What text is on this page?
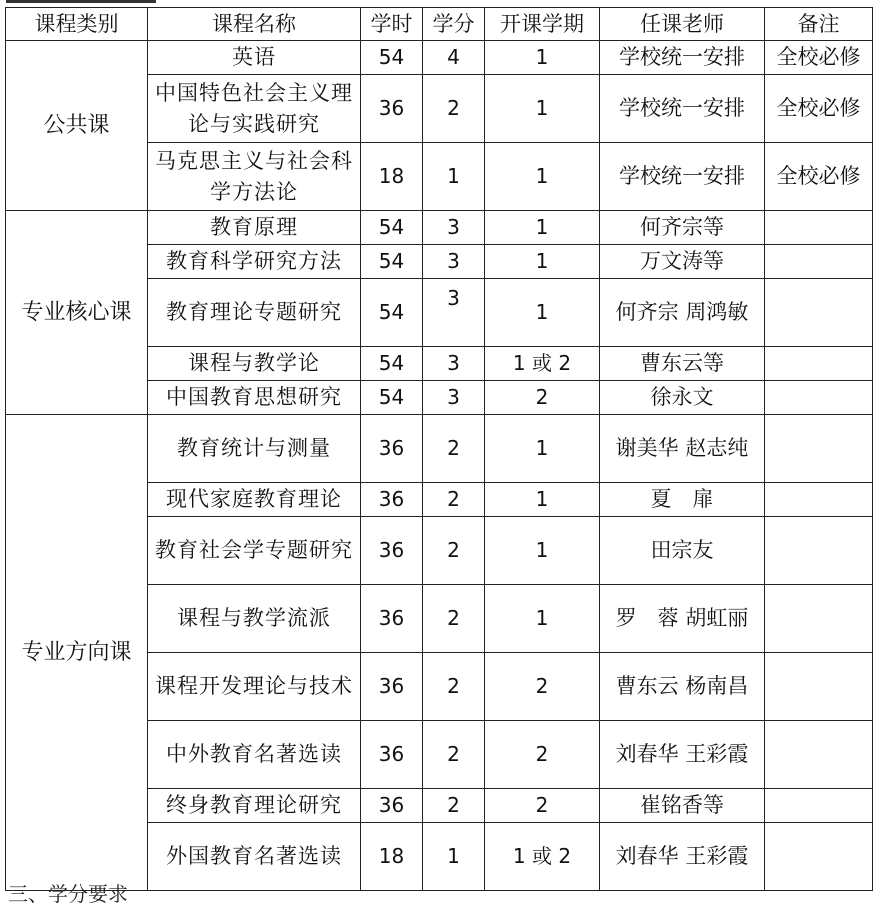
课程类别	课程名称	学时	学分	开课学期	任课老师	备注
公共课	英语	54	4	1	学校统一安排	全校必修
	中国特色社会主义理论与实践研究	36	2	1	学校统一安排	全校必修
	马克思主义与社会科学方法论	18	1	1	学校统一安排	全校必修
专业核心课	教育原理	54	3	1	何齐宗等	
	教育科学研究方法	54	3	1	万文涛等	
	教育理论专题研究	54	3	1	何齐宗 周鸿敏	
	课程与教学论	54	3	1 或 2	曹东云等	
	中国教育思想研究	54	3	2	徐永文	
专业方向课	教育统计与测量	36	2	1	谢美华 赵志纯	
	现代家庭教育理论	36	2	1	夏　扉	
	教育社会学专题研究	36	2	1	田宗友	
	课程与教学流派	36	2	1	罗　蓉 胡虹丽	
	课程开发理论与技术	36	2	2	曹东云 杨南昌	
	中外教育名著选读	36	2	2	刘春华 王彩霞	
	终身教育理论研究	36	2	2	崔铭香等	
	外国教育名著选读	18	1	1 或 2	刘春华 王彩霞	
三、学分要求
